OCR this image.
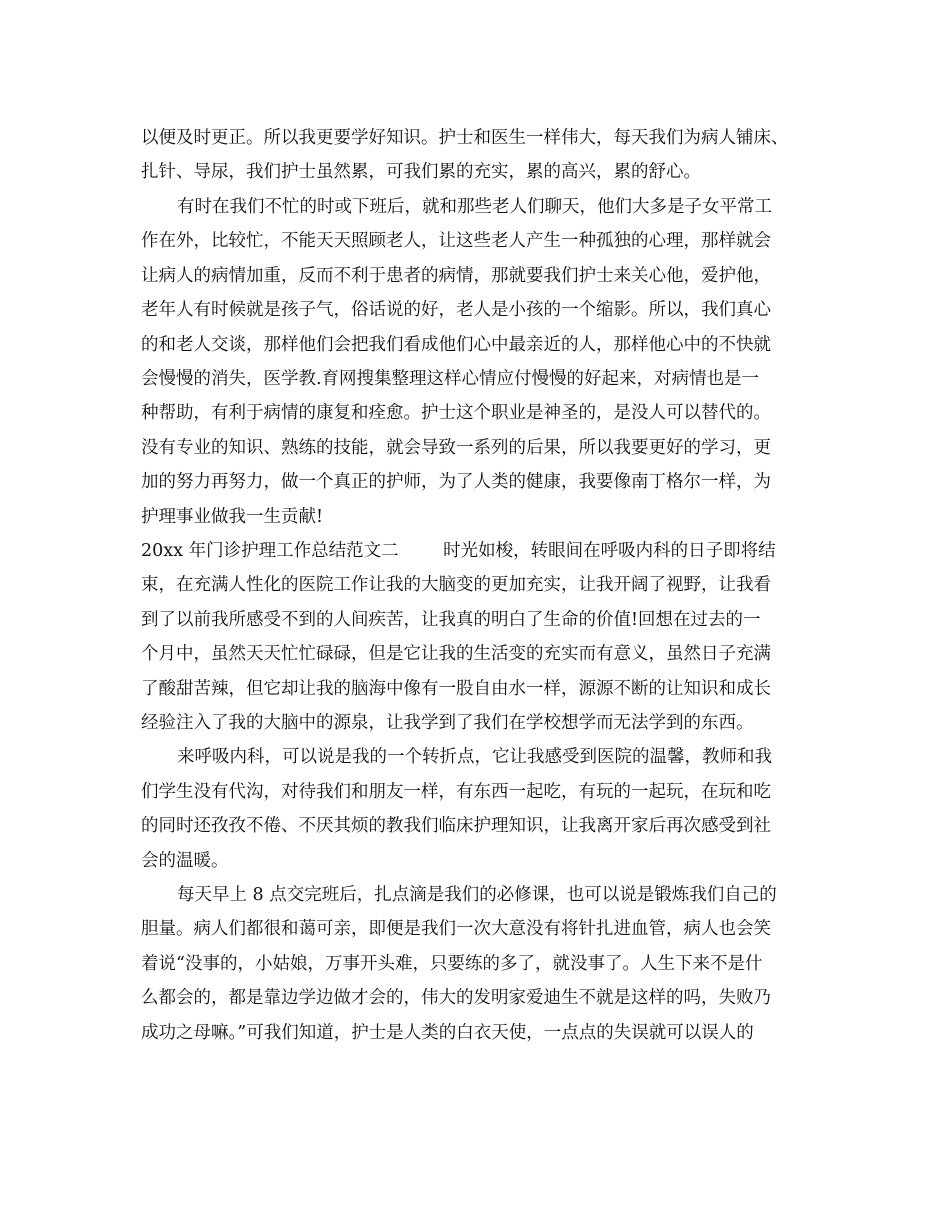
以便及时更正。所以我更要学好知识。护士和医生一样伟大，每天我们为病人铺床、
扎针、导尿，我们护士虽然累，可我们累的充实，累的高兴，累的舒心。
有时在我们不忙的时或下班后，就和那些老人们聊天，他们大多是子女平常工
作在外，比较忙，不能天天照顾老人，让这些老人产生一种孤独的心理，那样就会
让病人的病情加重，反而不利于患者的病情，那就要我们护士来关心他，爱护他，
老年人有时候就是孩子气，俗话说的好，老人是小孩的一个缩影。所以，我们真心
的和老人交谈，那样他们会把我们看成他们心中最亲近的人，那样他心中的不快就
会慢慢的消失，医学教.育网搜集整理这样心情应付慢慢的好起来，对病情也是一
种帮助，有利于病情的康复和痊愈。护士这个职业是神圣的，是没人可以替代的。
没有专业的知识、熟练的技能，就会导致一系列的后果，所以我要更好的学习，更
加的努力再努力，做一个真正的护师，为了人类的健康，我要像南丁格尔一样，为
护理事业做我一生贡献!
20xx 年门诊护理工作总结范文二        时光如梭，转眼间在呼吸内科的日子即将结
束，在充满人性化的医院工作让我的大脑变的更加充实，让我开阔了视野，让我看
到了以前我所感受不到的人间疾苦，让我真的明白了生命的价值!回想在过去的一
个月中，虽然天天忙忙碌碌，但是它让我的生活变的充实而有意义，虽然日子充满
了酸甜苦辣，但它却让我的脑海中像有一股自由水一样，源源不断的让知识和成长
经验注入了我的大脑中的源泉，让我学到了我们在学校想学而无法学到的东西。
来呼吸内科，可以说是我的一个转折点，它让我感受到医院的温馨，教师和我
们学生没有代沟，对待我们和朋友一样，有东西一起吃，有玩的一起玩，在玩和吃
的同时还孜孜不倦、不厌其烦的教我们临床护理知识，让我离开家后再次感受到社
会的温暖。
每天早上 8 点交完班后，扎点滴是我们的必修课，也可以说是锻炼我们自己的
胆量。病人们都很和蔼可亲，即便是我们一次大意没有将针扎进血管，病人也会笑
着说“没事的，小姑娘，万事开头难，只要练的多了，就没事了。人生下来不是什
么都会的，都是靠边学边做才会的，伟大的发明家爱迪生不就是这样的吗，失败乃
成功之母嘛。”可我们知道，护士是人类的白衣天使，一点点的失误就可以误人的
